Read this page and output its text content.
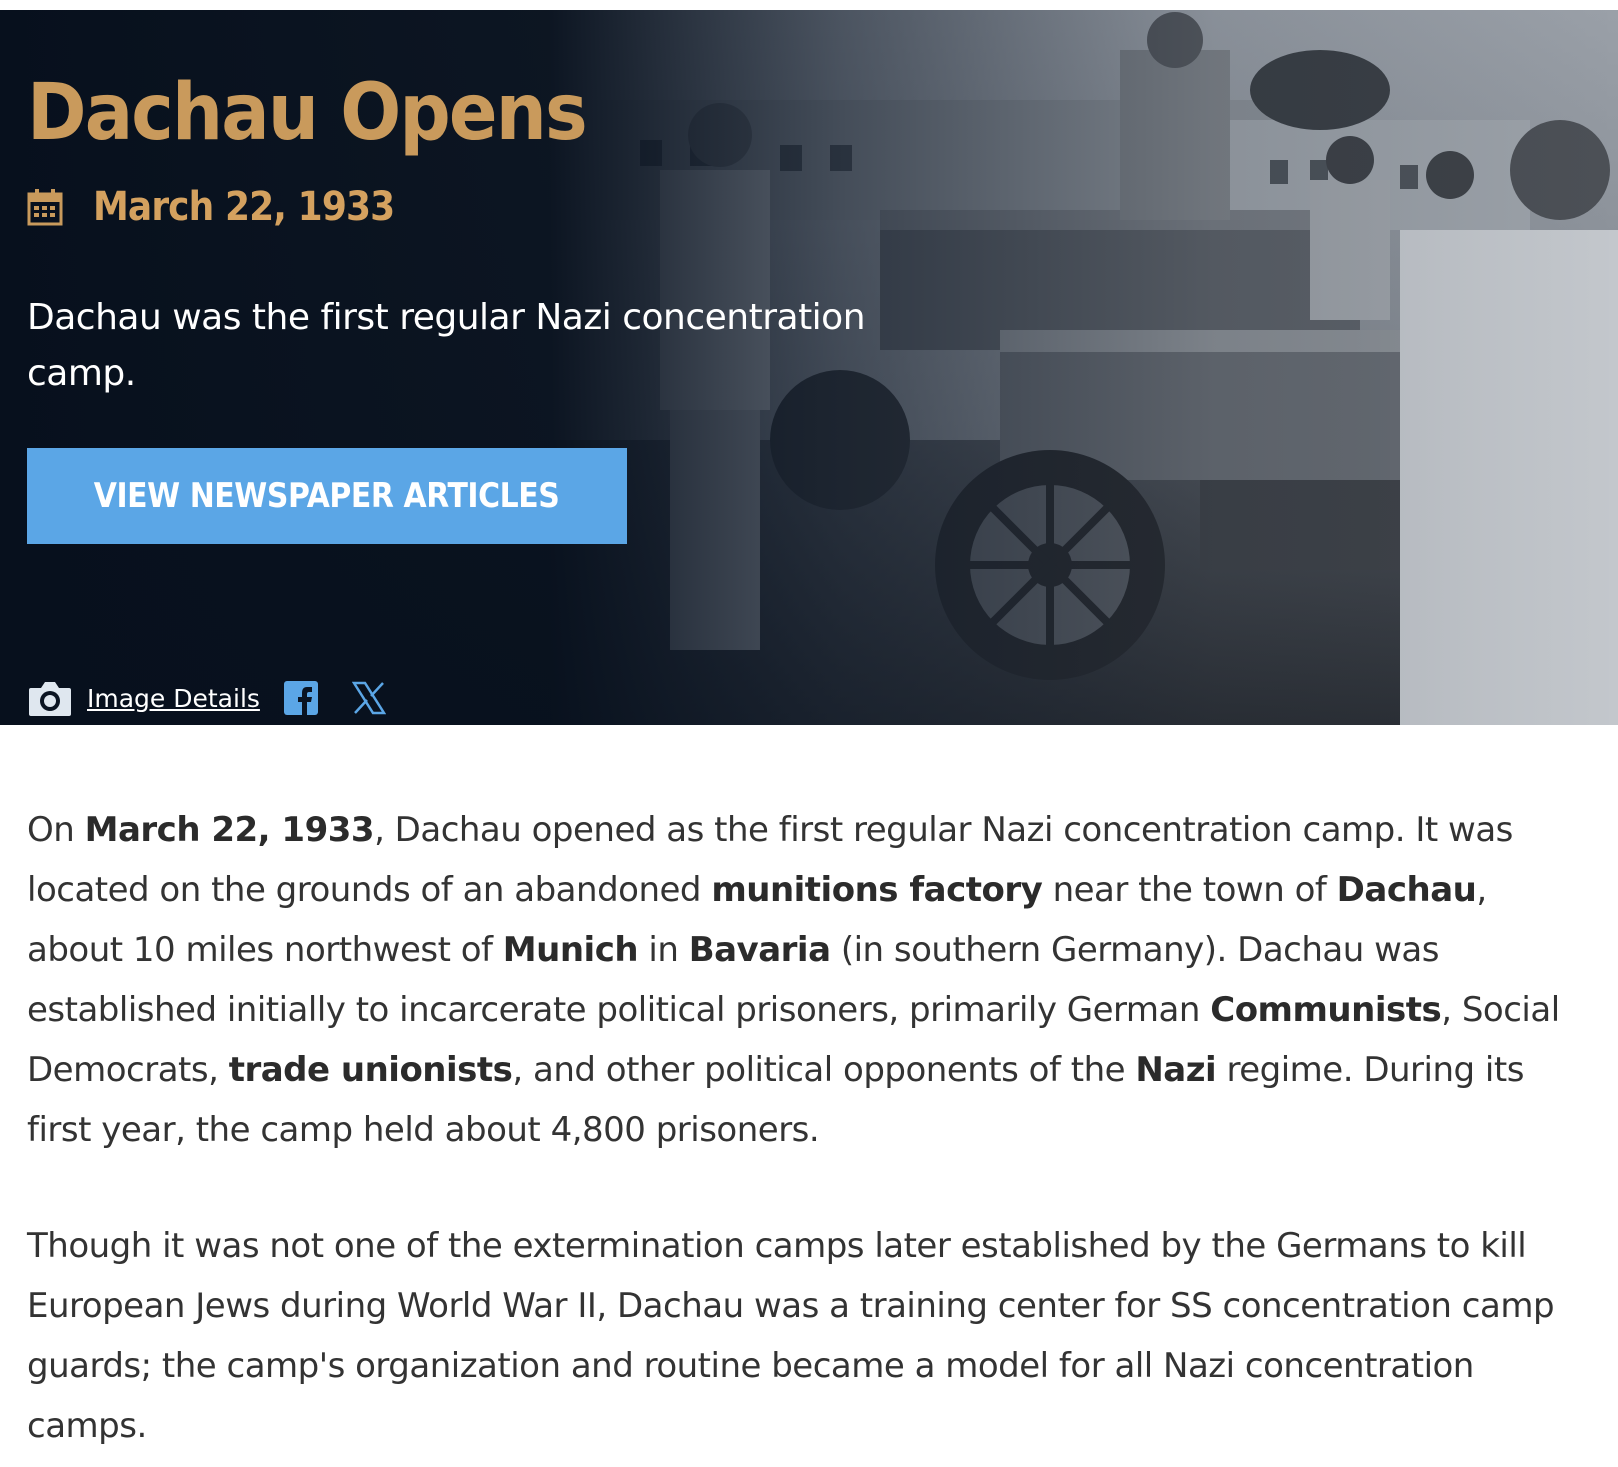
Dachau Opens
March 22, 1933

Dachau was the first regular Nazi concentration camp.

VIEW NEWSPAPER ARTICLES
Image Details

On March 22, 1933, Dachau opened as the first regular Nazi concentration camp. It was located on the grounds of an abandoned munitions factory near the town of Dachau, about 10 miles northwest of Munich in Bavaria (in southern Germany). Dachau was established initially to incarcerate political prisoners, primarily German Communists, Social Democrats, trade unionists, and other political opponents of the Nazi regime. During its first year, the camp held about 4,800 prisoners.

Though it was not one of the extermination camps later established by the Germans to kill European Jews during World War II, Dachau was a training center for SS concentration camp guards; the camp's organization and routine became a model for all Nazi concentration camps.
